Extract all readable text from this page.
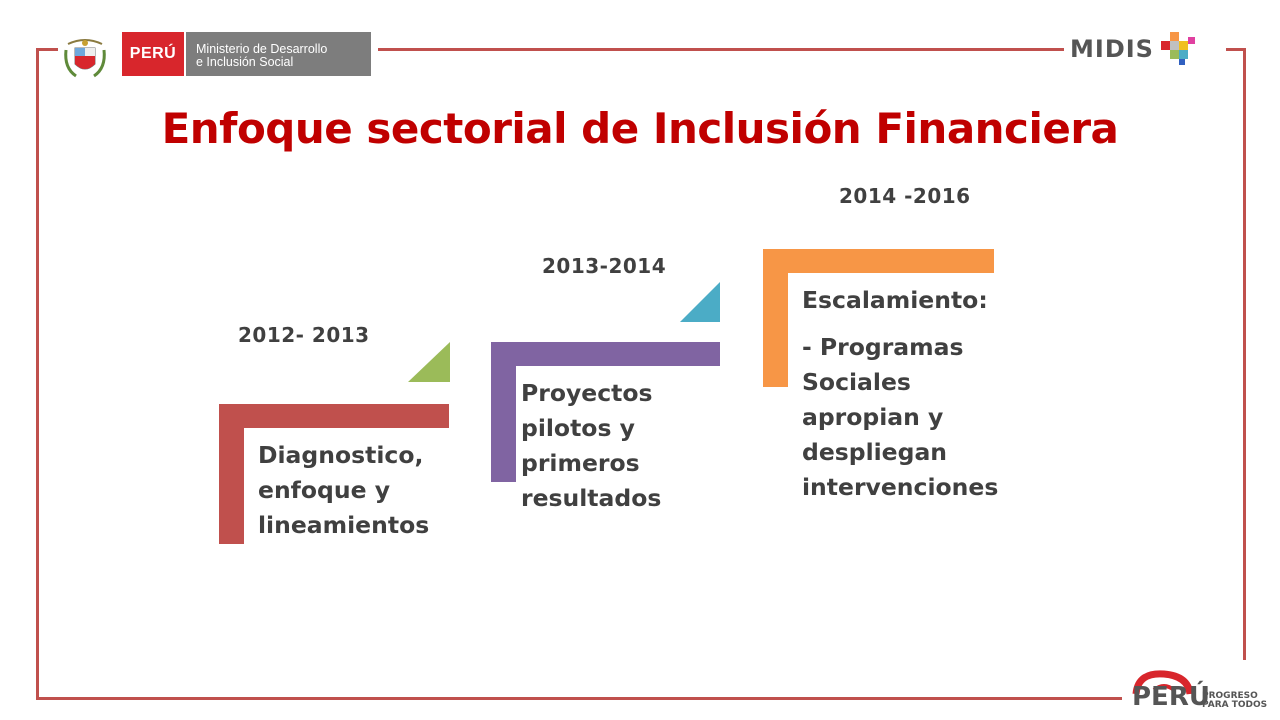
PERÚ Ministerio de Desarrollo
e Inclusión Social	MIDIS
Enfoque sectorial de Inclusión Financiera
2012- 2013
Diagnostico,
enfoque y
lineamientos
2013-2014
Proyectos
pilotos y
primeros
resultados
2014 -2016
Escalamiento:
- Programas
Sociales
apropian y
despliegan
intervenciones
PERÚ
PROGRESO
PARA TODOS
